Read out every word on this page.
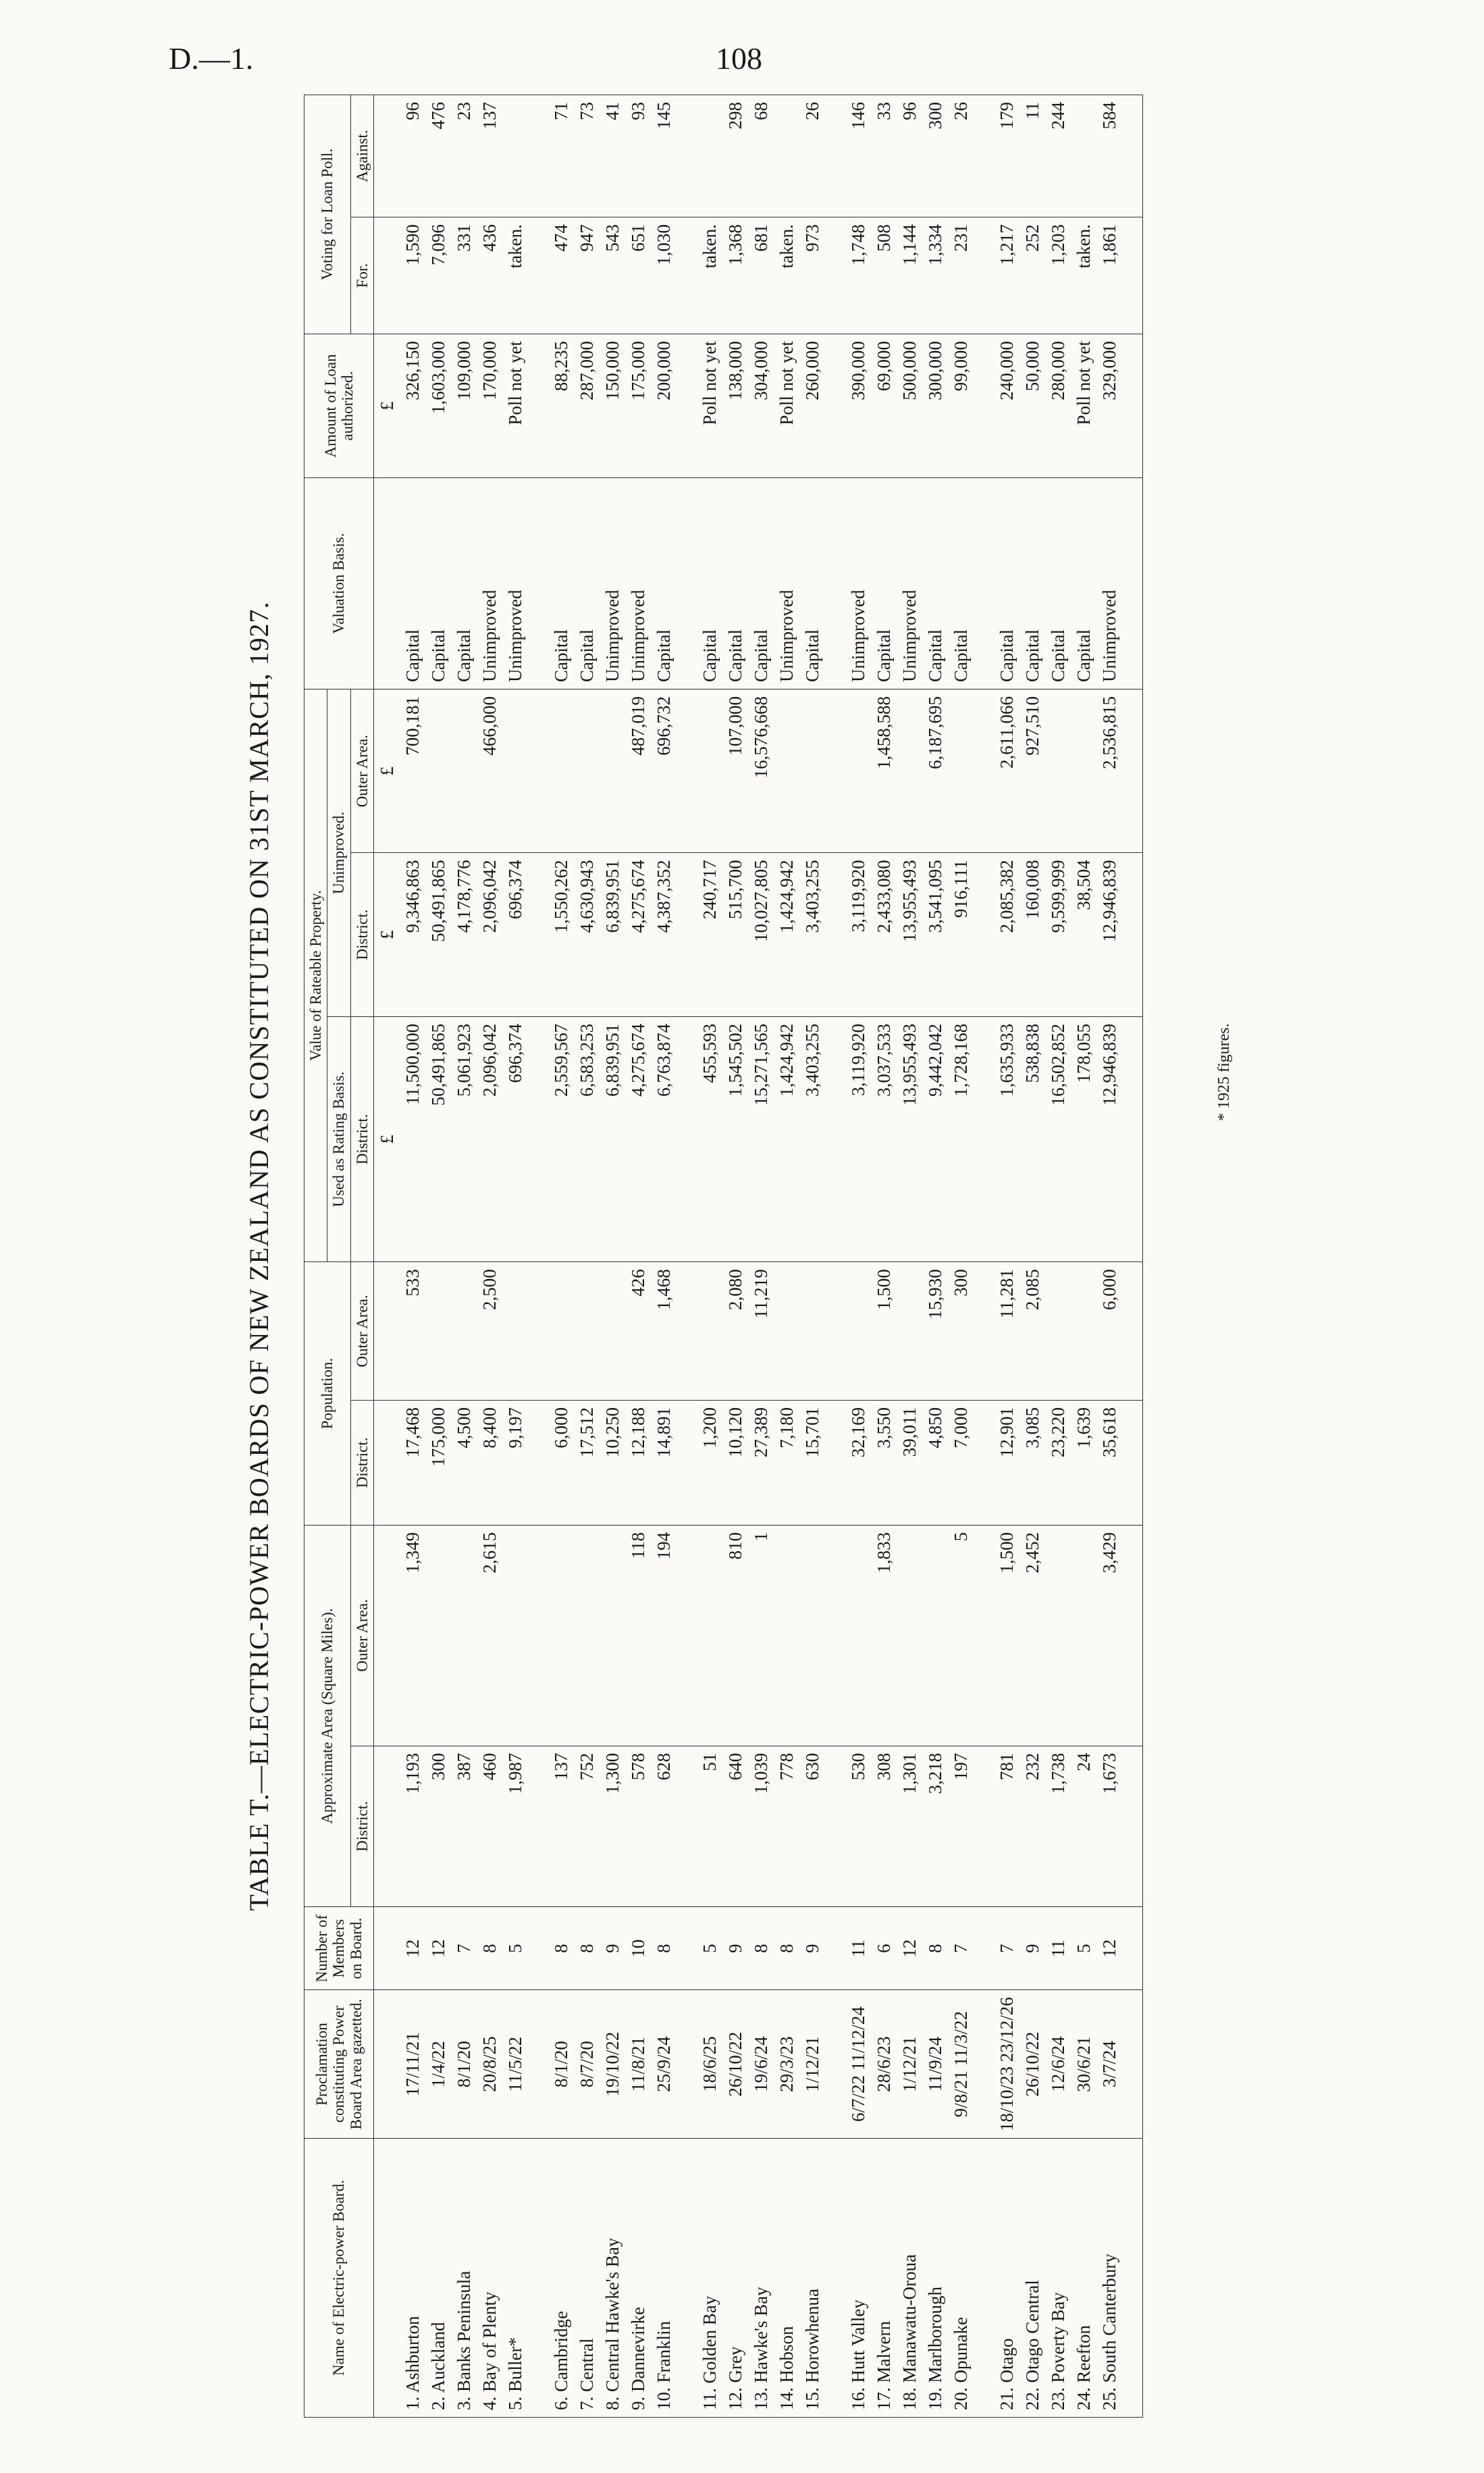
D.—1.	108
TABLE T.—ELECTRIC-POWER BOARDS OF NEW ZEALAND AS CONSTITUTED ON 31ST MARCH, 1927.
Name of Electric-power Board.	Proclamation constituting Power Board Area gazetted.	Number of Members on Board.	Approximate Area (Square Miles).		Population.		Value of Rateable Property.			Valuation Basis.	Amount of Loan authorized.	Voting for Loan Poll.	
							Used as Rating Basis.	Unimproved.					
			District.	Outer Area.	District.	Outer Area.	District.	District.	Outer Area.			For.	Against.
							£	£	£		£		
1. Ashburton	17/11/21	12	1,193	1,349	17,468	533	11,500,000	9,346,863	700,181	Capital	326,150	1,590	96
2. Auckland	1/4/22	12	300		175,000		50,491,865	50,491,865		Capital	1,603,000	7,096	476
3. Banks Peninsula	8/1/20	7	387		4,500		5,061,923	4,178,776		Capital	109,000	331	23
4. Bay of Plenty	20/8/25	8	460	2,615	8,400	2,500	2,096,042	2,096,042	466,000	Unimproved	170,000	436	137
5. Buller*	11/5/22	5	1,987		9,197		696,374	696,374		Unimproved	Poll not yet	taken.	

6. Cambridge	8/1/20	8	137		6,000		2,559,567	1,550,262		Capital	88,235	474	71
7. Central	8/7/20	8	752		17,512		6,583,253	4,630,943		Capital	287,000	947	73
8. Central Hawke's Bay	19/10/22	9	1,300		10,250		6,839,951	6,839,951		Unimproved	150,000	543	41
9. Dannevirke	11/8/21	10	578	118	12,188	426	4,275,674	4,275,674	487,019	Unimproved	175,000	651	93
10. Franklin	25/9/24	8	628	194	14,891	1,468	6,763,874	4,387,352	696,732	Capital	200,000	1,030	145

11. Golden Bay	18/6/25	5	51		1,200		455,593	240,717		Capital	Poll not yet	taken.	
12. Grey	26/10/22	9	640	810	10,120	2,080	1,545,502	515,700	107,000	Capital	138,000	1,368	298
13. Hawke's Bay	19/6/24	8	1,039	1	27,389	11,219	15,271,565	10,027,805	16,576,668	Capital	304,000	681	68
14. Hobson	29/3/23	8	778		7,180		1,424,942	1,424,942		Unimproved	Poll not yet	taken.	
15. Horowhenua	1/12/21	9	630		15,701		3,403,255	3,403,255		Capital	260,000	973	26

16. Hutt Valley	6/7/22 11/12/24	11	530		32,169		3,119,920	3,119,920		Unimproved	390,000	1,748	146
17. Malvern	28/6/23	6	308	1,833	3,550	1,500	3,037,533	2,433,080	1,458,588	Capital	69,000	508	33
18. Manawatu-Oroua	1/12/21	12	1,301		39,011		13,955,493	13,955,493		Unimproved	500,000	1,144	96
19. Marlborough	11/9/24	8	3,218		4,850	15,930	9,442,042	3,541,095	6,187,695	Capital	300,000	1,334	300
20. Opunake	9/8/21 11/3/22	7	197	5	7,000	300	1,728,168	916,111		Capital	99,000	231	26

21. Otago	18/10/23 23/12/26	7	781	1,500	12,901	11,281	1,635,933	2,085,382	2,611,066	Capital	240,000	1,217	179
22. Otago Central	26/10/22	9	232	2,452	3,085	2,085	538,838	160,008	927,510	Capital	50,000	252	11
23. Poverty Bay	12/6/24	11	1,738		23,220		16,502,852	9,599,999		Capital	280,000	1,203	244
24. Reefton	30/6/21	5	24		1,639		178,055	38,504		Capital	Poll not yet	taken.	
25. South Canterbury	3/7/24	12	1,673	3,429	35,618	6,000	12,946,839	12,946,839	2,536,815	Unimproved	329,000	1,861	584

* 1925 figures.
